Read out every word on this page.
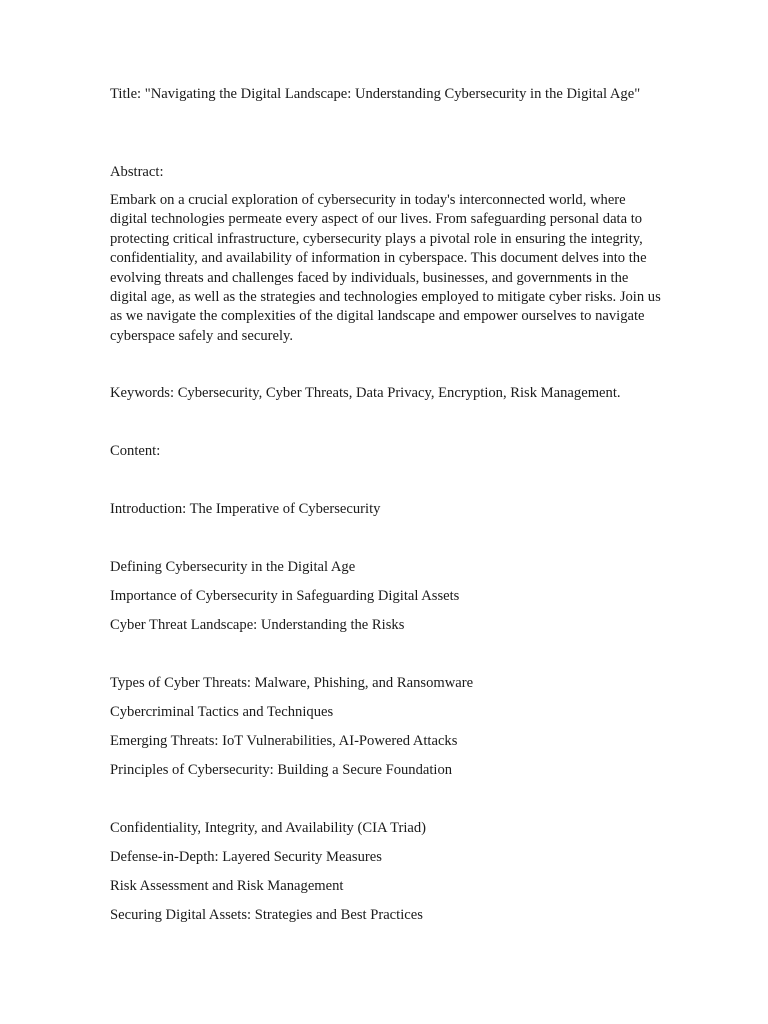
Title: "Navigating the Digital Landscape: Understanding Cybersecurity in the Digital Age"

Abstract:

Embark on a crucial exploration of cybersecurity in today's interconnected world, where digital technologies permeate every aspect of our lives. From safeguarding personal data to protecting critical infrastructure, cybersecurity plays a pivotal role in ensuring the integrity, confidentiality, and availability of information in cyberspace. This document delves into the evolving threats and challenges faced by individuals, businesses, and governments in the digital age, as well as the strategies and technologies employed to mitigate cyber risks. Join us as we navigate the complexities of the digital landscape and empower ourselves to navigate cyberspace safely and securely.

Keywords: Cybersecurity, Cyber Threats, Data Privacy, Encryption, Risk Management.

Content:

Introduction: The Imperative of Cybersecurity

Defining Cybersecurity in the Digital Age

Importance of Cybersecurity in Safeguarding Digital Assets

Cyber Threat Landscape: Understanding the Risks

Types of Cyber Threats: Malware, Phishing, and Ransomware

Cybercriminal Tactics and Techniques

Emerging Threats: IoT Vulnerabilities, AI-Powered Attacks

Principles of Cybersecurity: Building a Secure Foundation

Confidentiality, Integrity, and Availability (CIA Triad)

Defense-in-Depth: Layered Security Measures

Risk Assessment and Risk Management

Securing Digital Assets: Strategies and Best Practices
